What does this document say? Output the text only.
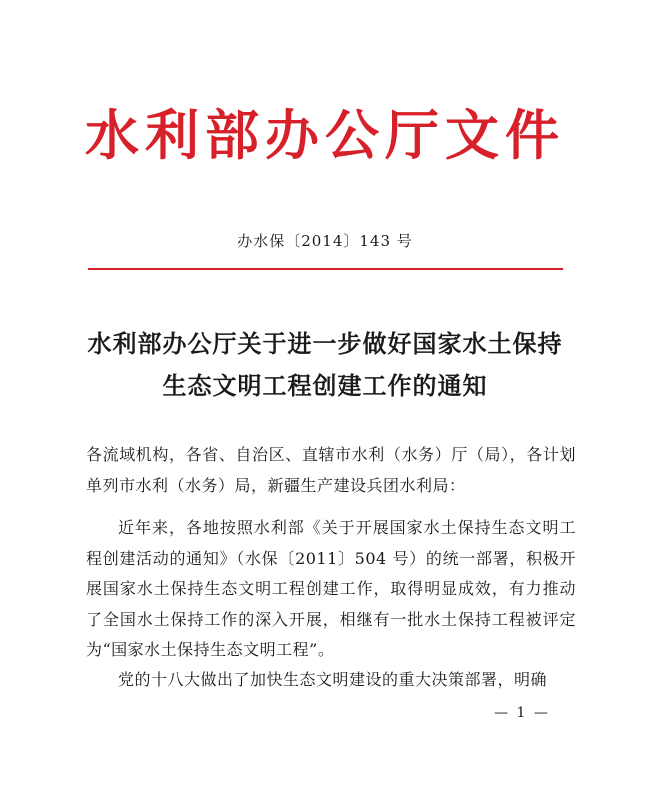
水利部办公厅文件
办水保〔2014〕143 号
水利部办公厅关于进一步做好国家水土保持
生态文明工程创建工作的通知

各流域机构，各省、自治区、直辖市水利（水务）厅（局），各计划单列市水利（水务）局，新疆生产建设兵团水利局：

近年来，各地按照水利部《关于开展国家水土保持生态文明工程创建活动的通知》（水保〔2011〕504 号）的统一部署，积极开展国家水土保持生态文明工程创建工作，取得明显成效，有力推动了全国水土保持工作的深入开展，相继有一批水土保持工程被评定为“国家水土保持生态文明工程”。

党的十八大做出了加快生态文明建设的重大决策部署，明确

— 1 —
